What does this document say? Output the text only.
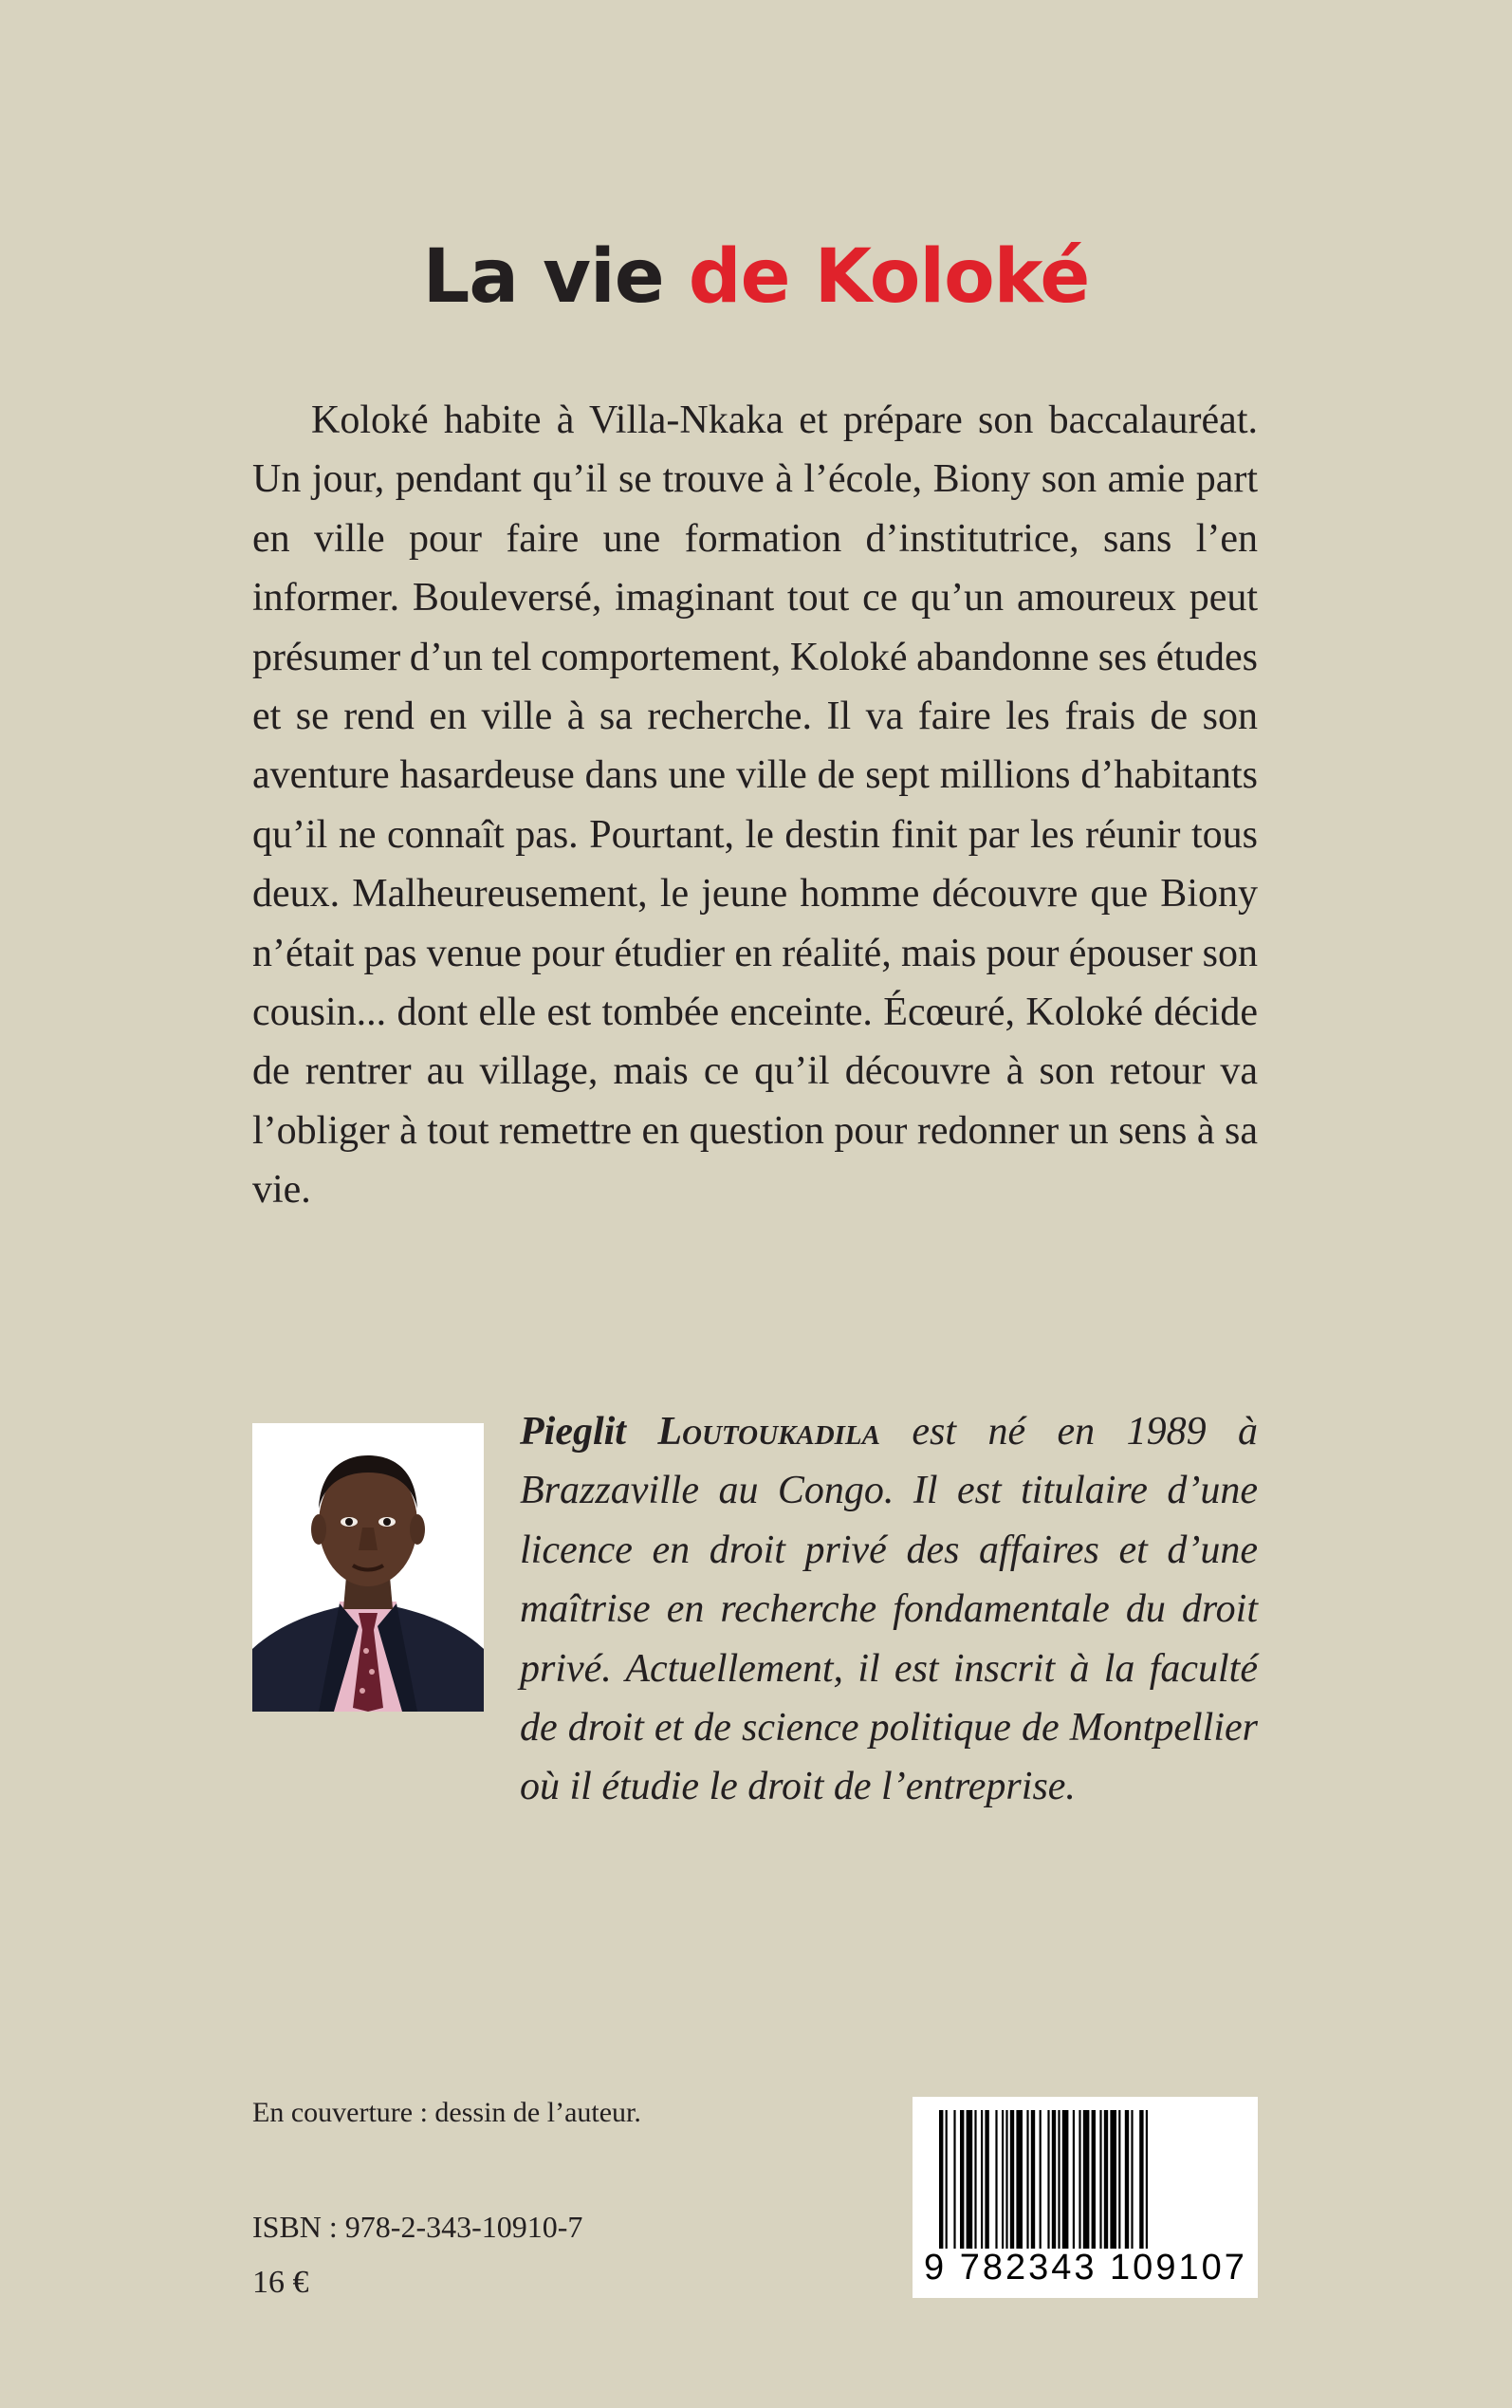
La vie de Koloké

Koloké habite à Villa-Nkaka et prépare son baccalauréat. Un jour, pendant qu’il se trouve à l’école, Biony son amie part en ville pour faire une formation d’institutrice, sans l’en informer. Bouleversé, imaginant tout ce qu’un amoureux peut présumer d’un tel comportement, Koloké abandonne ses études et se rend en ville à sa recherche. Il va faire les frais de son aventure hasardeuse dans une ville de sept millions d’habitants qu’il ne connaît pas. Pourtant, le destin finit par les réunir tous deux. Malheureusement, le jeune homme découvre que Biony n’était pas venue pour étudier en réalité, mais pour épouser son cousin... dont elle est tombée enceinte. Écœuré, Koloké décide de rentrer au village, mais ce qu’il découvre à son retour va l’obliger à tout remettre en question pour redonner un sens à sa vie.

Pieglit Loutoukadila est né en 1989 à Brazzaville au Congo. Il est titulaire d’une licence en droit privé des affaires et d’une maîtrise en recherche fondamentale du droit privé. Actuellement, il est inscrit à la faculté de droit et de science politique de Montpellier où il étudie le droit de l’entreprise.

En couverture : dessin de l’auteur.
ISBN : 978-2-343-10910-7
16 €	9 782343 109107
